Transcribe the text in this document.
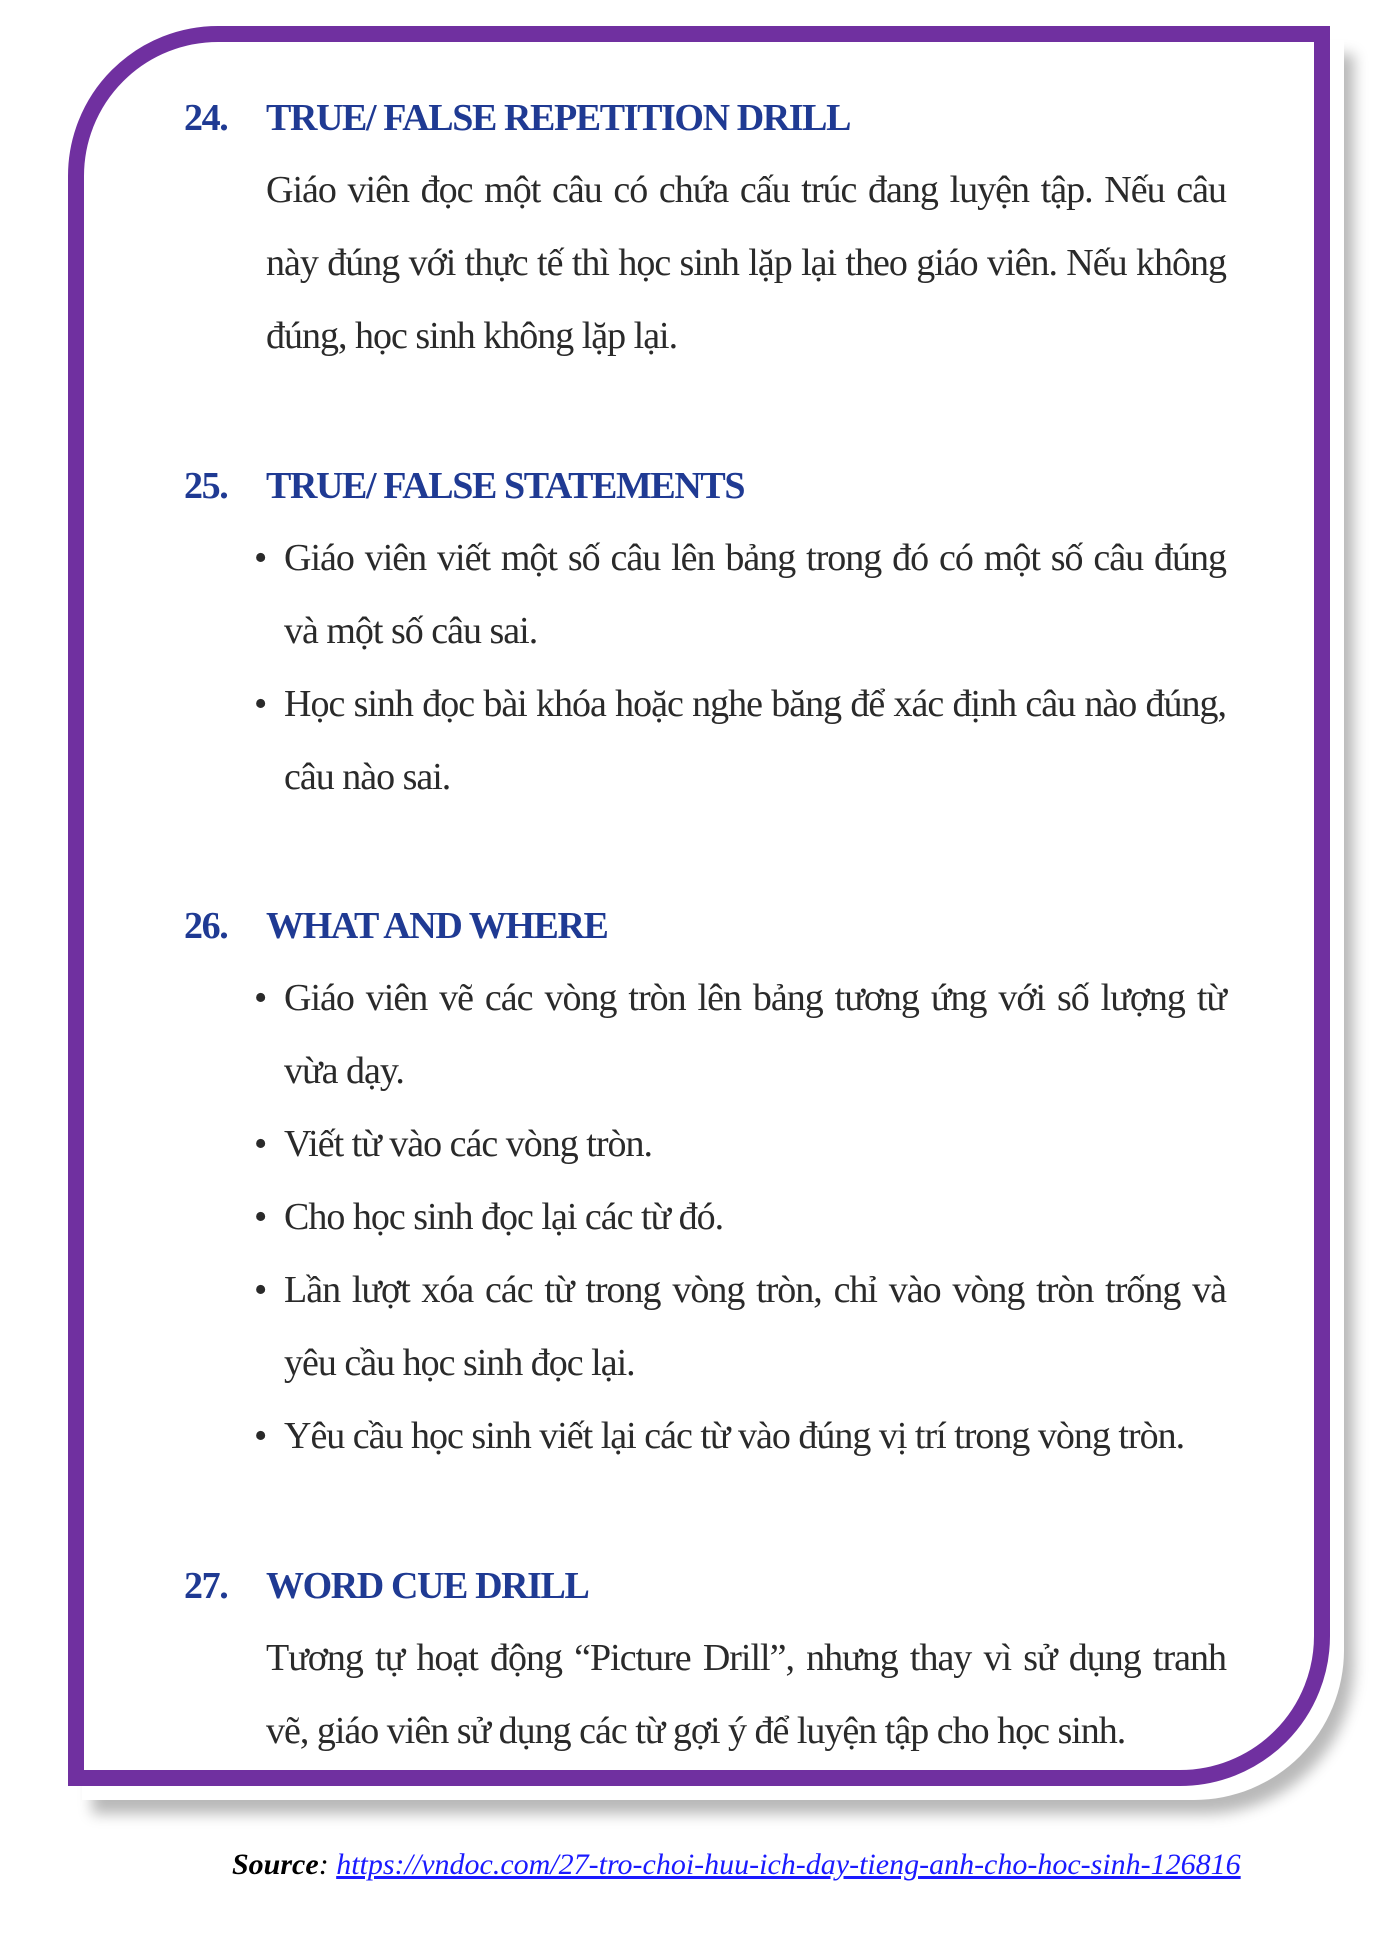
24.	TRUE/ FALSE REPETITION DRILL
Giáo viên đọc một câu có chứa cấu trúc đang luyện tập. Nếu câu này đúng với thực tế thì học sinh lặp lại theo giáo viên. Nếu không đúng, học sinh không lặp lại.
25.	TRUE/ FALSE STATEMENTS
• Giáo viên viết một số câu lên bảng trong đó có một số câu đúng và một số câu sai.
• Học sinh đọc bài khóa hoặc nghe băng để xác định câu nào đúng, câu nào sai.
26.	WHAT AND WHERE
• Giáo viên vẽ các vòng tròn lên bảng tương ứng với số lượng từ vừa dạy.
• Viết từ vào các vòng tròn.
• Cho học sinh đọc lại các từ đó.
• Lần lượt xóa các từ trong vòng tròn, chỉ vào vòng tròn trống và yêu cầu học sinh đọc lại.
• Yêu cầu học sinh viết lại các từ vào đúng vị trí trong vòng tròn.
27.	WORD CUE DRILL
Tương tự hoạt động “Picture Drill”, nhưng thay vì sử dụng tranh vẽ, giáo viên sử dụng các từ gợi ý để luyện tập cho học sinh.
Source: https://vndoc.com/27-tro-choi-huu-ich-day-tieng-anh-cho-hoc-sinh-126816
